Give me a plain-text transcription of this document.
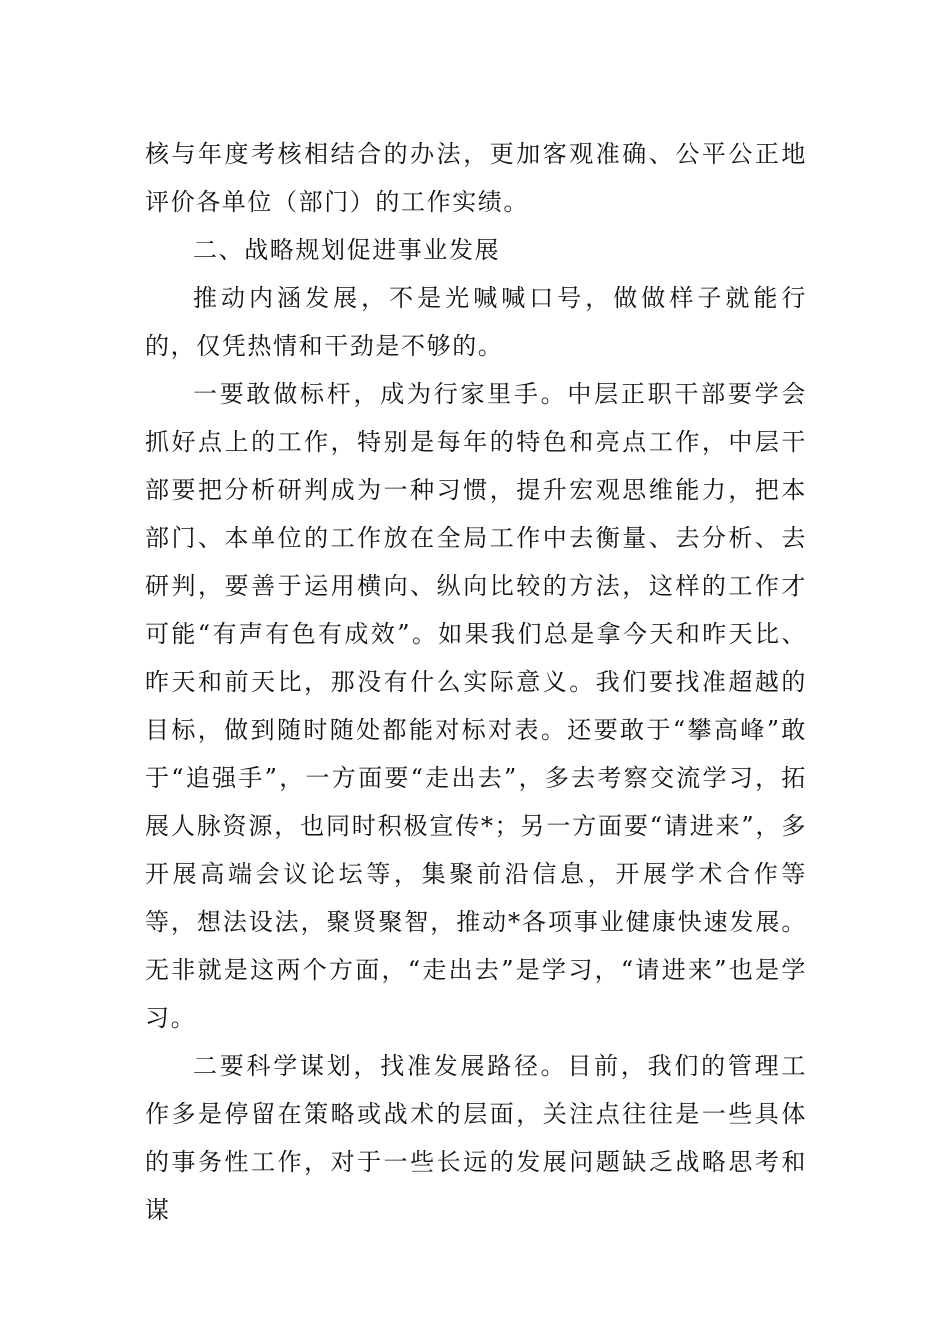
核与年度考核相结合的办法，更加客观准确、公平公正地评价各单位（部门）的工作实绩。

二、战略规划促进事业发展

推动内涵发展，不是光喊喊口号，做做样子就能行的，仅凭热情和干劲是不够的。

一要敢做标杆，成为行家里手。中层正职干部要学会抓好点上的工作，特别是每年的特色和亮点工作，中层干部要把分析研判成为一种习惯，提升宏观思维能力，把本部门、本单位的工作放在全局工作中去衡量、去分析、去研判，要善于运用横向、纵向比较的方法，这样的工作才可能“有声有色有成效”。如果我们总是拿今天和昨天比、昨天和前天比，那没有什么实际意义。我们要找准超越的目标，做到随时随处都能对标对表。还要敢于“攀高峰”敢于“追强手”，一方面要“走出去”，多去考察交流学习，拓展人脉资源，也同时积极宣传*；另一方面要“请进来”，多开展高端会议论坛等，集聚前沿信息，开展学术合作等等，想法设法，聚贤聚智，推动*各项事业健康快速发展。无非就是这两个方面，“走出去”是学习，“请进来”也是学习。

二要科学谋划，找准发展路径。目前，我们的管理工作多是停留在策略或战术的层面，关注点往往是一些具体的事务性工作，对于一些长远的发展问题缺乏战略思考和谋
